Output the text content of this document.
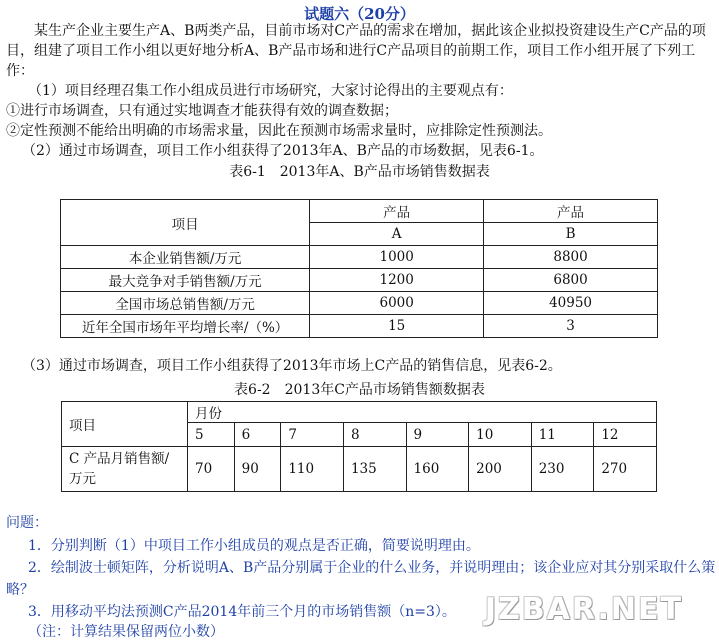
试题六（20分）
某生产企业主要生产A、B两类产品，目前市场对C产品的需求在增加，据此该企业拟投资建设生产C产品的项目，组建了项目工作小组以更好地分析A、B产品市场和进行C产品项目的前期工作，项目工作小组开展了下列工作：
（1）项目经理召集工作小组成员进行市场研究，大家讨论得出的主要观点有：
①进行市场调查，只有通过实地调查才能获得有效的调查数据；
②定性预测不能给出明确的市场需求量，因此在预测市场需求量时，应排除定性预测法。
（2）通过市场调查，项目工作小组获得了2013年A、B产品的市场数据，见表6-1。
表6-1　2013年A、B产品市场销售数据表
项目	产品	产品
	A	B
本企业销售额/万元	1000	8800
最大竞争对手销售额/万元	1200	6800
全国市场总销售额/万元	6000	40950
近年全国市场年平均增长率/（%）	15	3
（3）通过市场调查，项目工作小组获得了2013年市场上C产品的销售信息，见表6-2。
表6-2　2013年C产品市场销售额数据表
项目	月份							
	5	6	7	8	9	10	11	12
C 产品月销售额/
万元	70	90	110	135	160	200	230	270
问题：
1．分别判断（1）中项目工作小组成员的观点是否正确，简要说明理由。
2．绘制波士顿矩阵，分析说明A、B产品分别属于企业的什么业务，并说明理由；该企业应对其分别采取什么策略？
3．用移动平均法预测C产品2014年前三个月的市场销售额（n=3）。
（注：计算结果保留两位小数）
JZBAR.NET
